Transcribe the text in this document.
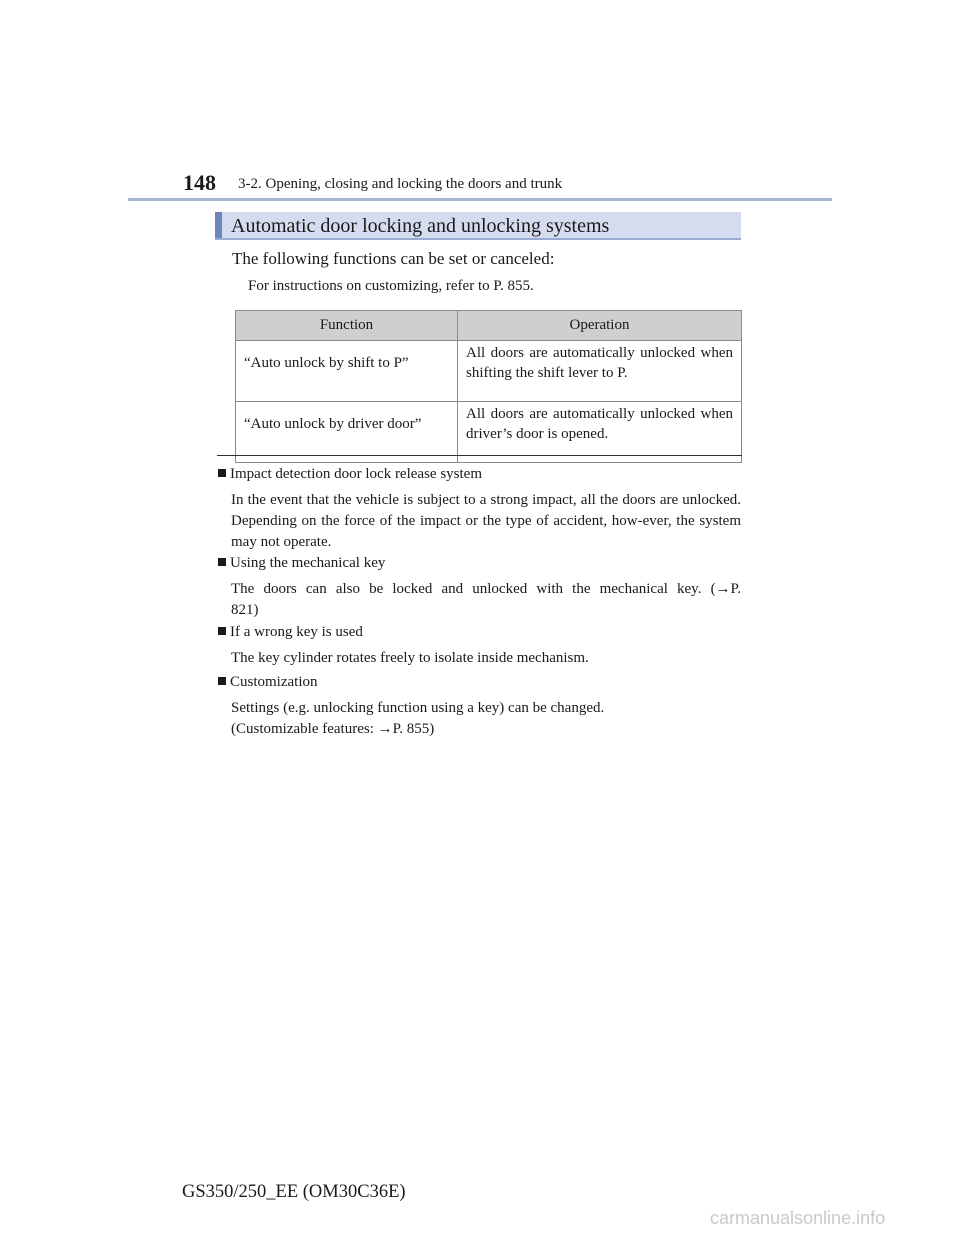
148 3-2. Opening, closing and locking the doors and trunk
Automatic door locking and unlocking systems
The following functions can be set or canceled:
For instructions on customizing, refer to P. 855.
Function	Operation
“Auto unlock by shift to P”	All doors are automatically unlocked when shifting the shift lever to P.
“Auto unlock by driver door”	All doors are automatically unlocked when driver’s door is opened.
Impact detection door lock release system
In the event that the vehicle is subject to a strong impact, all the doors are unlocked. Depending on the force of the impact or the type of accident, how-ever, the system may not operate.
Using the mechanical key
The doors can also be locked and unlocked with the mechanical key. (→P.
821)
If a wrong key is used
The key cylinder rotates freely to isolate inside mechanism.
Customization
Settings (e.g. unlocking function using a key) can be changed.
(Customizable features: →P. 855)
GS350/250_EE (OM30C36E)
carmanualsonline.info
